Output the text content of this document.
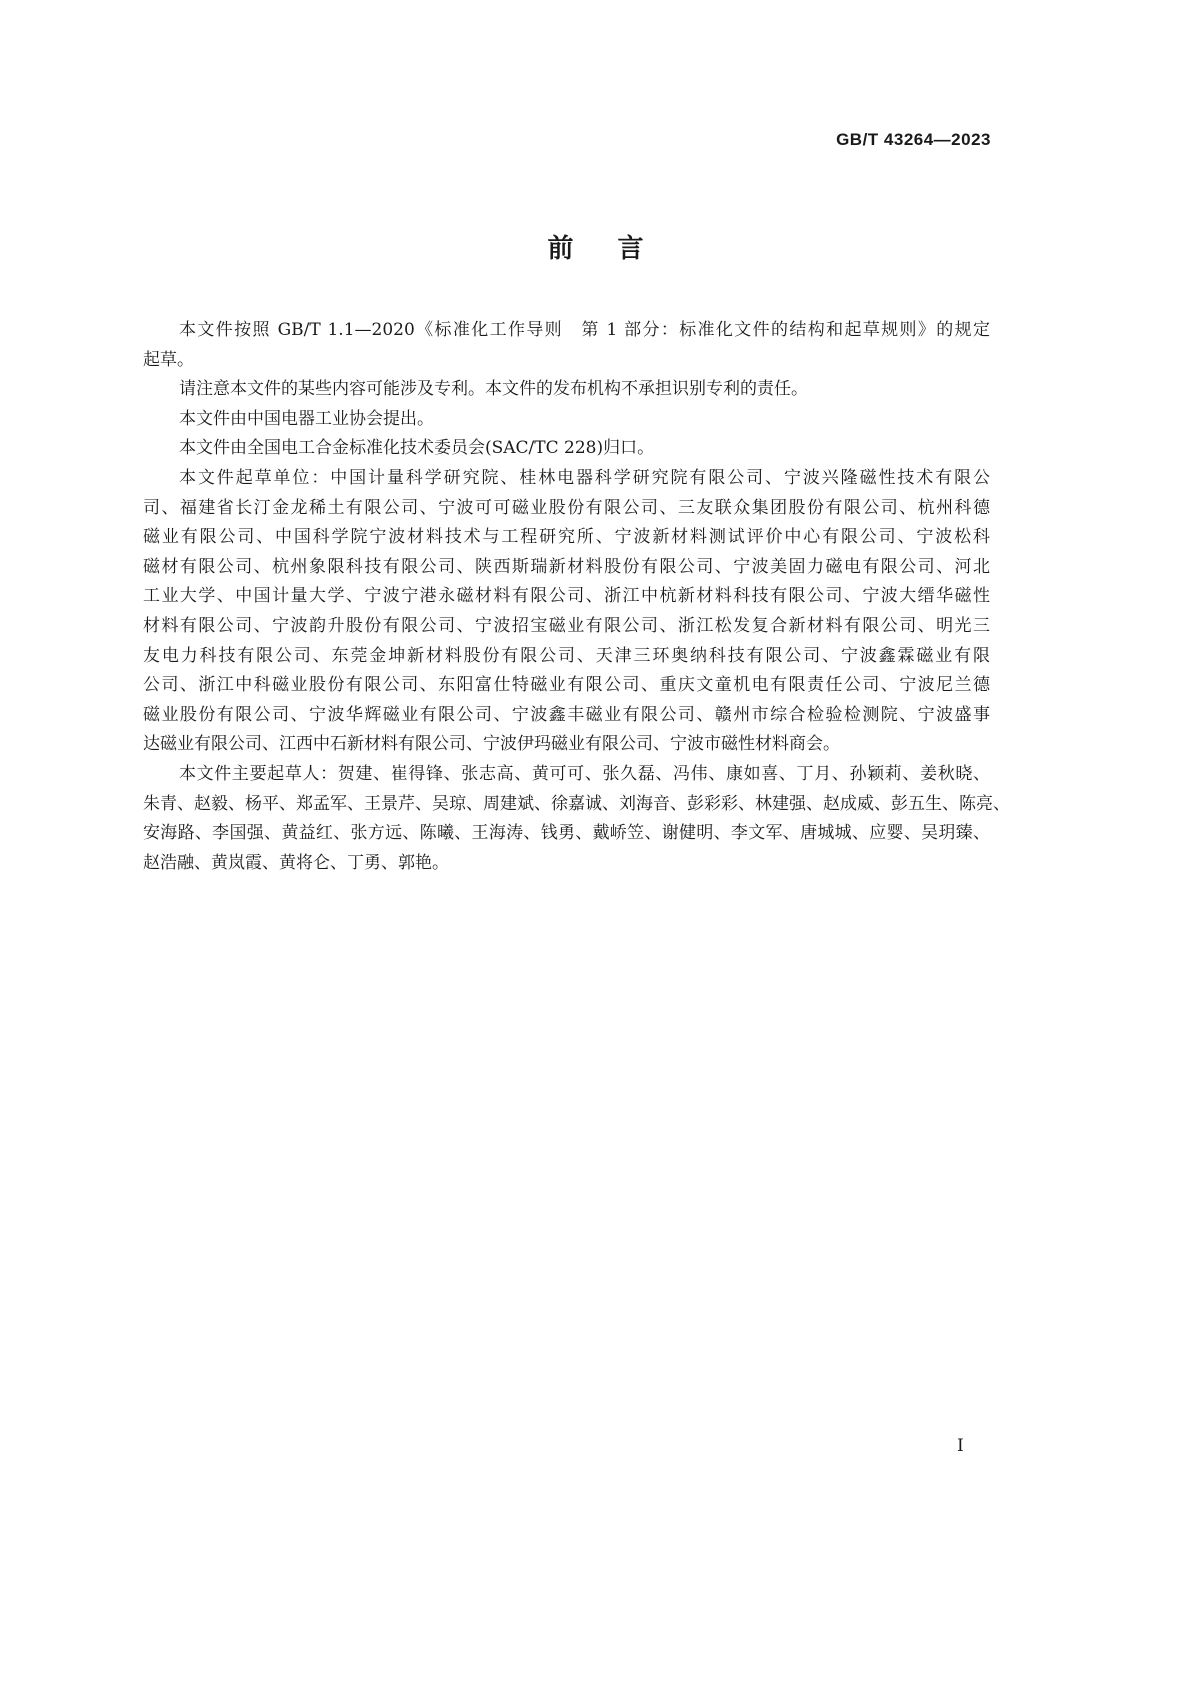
GB/T 43264—2023
前言
本文件按照 GB/T 1.1—2020《标准化工作导则　第 1 部分：标准化文件的结构和起草规则》的规定
起草。
请注意本文件的某些内容可能涉及专利。本文件的发布机构不承担识别专利的责任。
本文件由中国电器工业协会提出。
本文件由全国电工合金标准化技术委员会(SAC/TC 228)归口。
本文件起草单位：中国计量科学研究院、桂林电器科学研究院有限公司、宁波兴隆磁性技术有限公
司、福建省长汀金龙稀土有限公司、宁波可可磁业股份有限公司、三友联众集团股份有限公司、杭州科德
磁业有限公司、中国科学院宁波材料技术与工程研究所、宁波新材料测试评价中心有限公司、宁波松科
磁材有限公司、杭州象限科技有限公司、陕西斯瑞新材料股份有限公司、宁波美固力磁电有限公司、河北
工业大学、中国计量大学、宁波宁港永磁材料有限公司、浙江中杭新材料科技有限公司、宁波大缙华磁性
材料有限公司、宁波韵升股份有限公司、宁波招宝磁业有限公司、浙江松发复合新材料有限公司、明光三
友电力科技有限公司、东莞金坤新材料股份有限公司、天津三环奥纳科技有限公司、宁波鑫霖磁业有限
公司、浙江中科磁业股份有限公司、东阳富仕特磁业有限公司、重庆文童机电有限责任公司、宁波尼兰德
磁业股份有限公司、宁波华辉磁业有限公司、宁波鑫丰磁业有限公司、赣州市综合检验检测院、宁波盛事
达磁业有限公司、江西中石新材料有限公司、宁波伊玛磁业有限公司、宁波市磁性材料商会。
本文件主要起草人：贺建、崔得锋、张志高、黄可可、张久磊、冯伟、康如喜、丁月、孙颖莉、姜秋晓、
朱青、赵毅、杨平、郑孟军、王景芹、吴琼、周建斌、徐嘉诚、刘海音、彭彩彩、林建强、赵成威、彭五生、陈亮、
安海路、李国强、黄益红、张方远、陈曦、王海涛、钱勇、戴峤笠、谢健明、李文军、唐城城、应婴、吴玥臻、
赵浩融、黄岚霞、黄将仑、丁勇、郭艳。
I
